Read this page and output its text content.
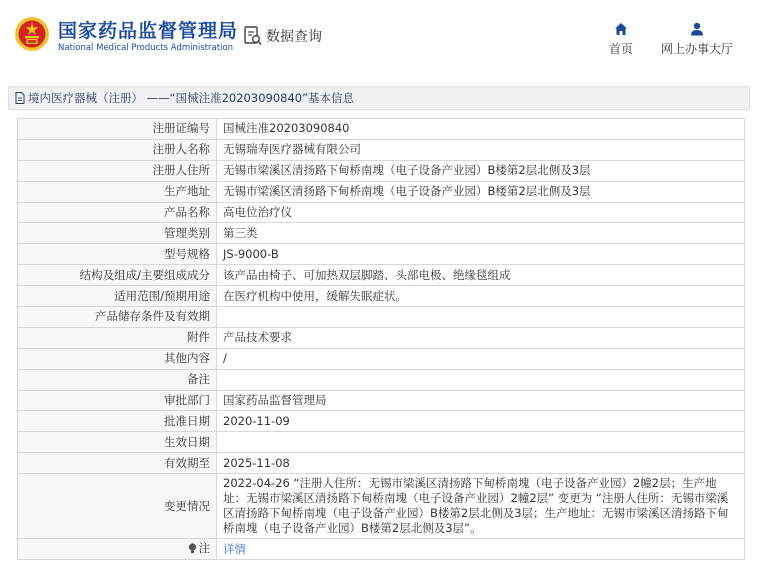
国家药品监督管理局
National Medical Products Administration
数据查询
首页 网上办事大厅
境内医疗器械（注册） ——“国械注准20203090840”基本信息
注册证编号	国械注准20203090840
注册人名称	无锡瑞寿医疗器械有限公司
注册人住所	无锡市梁溪区清扬路下甸桥南塊（电子设备产业园）B楼第2层北侧及3层
生产地址	无锡市梁溪区清扬路下甸桥南塊（电子设备产业园）B楼第2层北侧及3层
产品名称	高电位治疗仪
管理类别	第三类
型号规格	JS-9000-B
结构及组成/主要组成成分	该产品由椅子、可加热双层脚踏、头部电极、绝缘毯组成
适用范围/预期用途	在医疗机构中使用，缓解失眠症状。
产品储存条件及有效期	
附件	产品技术要求
其他内容	/
备注	
审批部门	国家药品监督管理局
批准日期	2020-11-09
生效日期	
有效期至	2025-11-08
变更情况	2022-04-26 “注册人住所：无锡市梁溪区清扬路下甸桥南塊（电子设备产业园）2幢2层；生产地址：无锡市梁溪区清扬路下甸桥南塊（电子设备产业园）2幢2层” 变更为 “注册人住所：无锡市梁溪区清扬路下甸桥南塊（电子设备产业园）B楼第2层北侧及3层；生产地址：无锡市梁溪区清扬路下甸桥南塊（电子设备产业园）B楼第2层北侧及3层”。

注	详情
